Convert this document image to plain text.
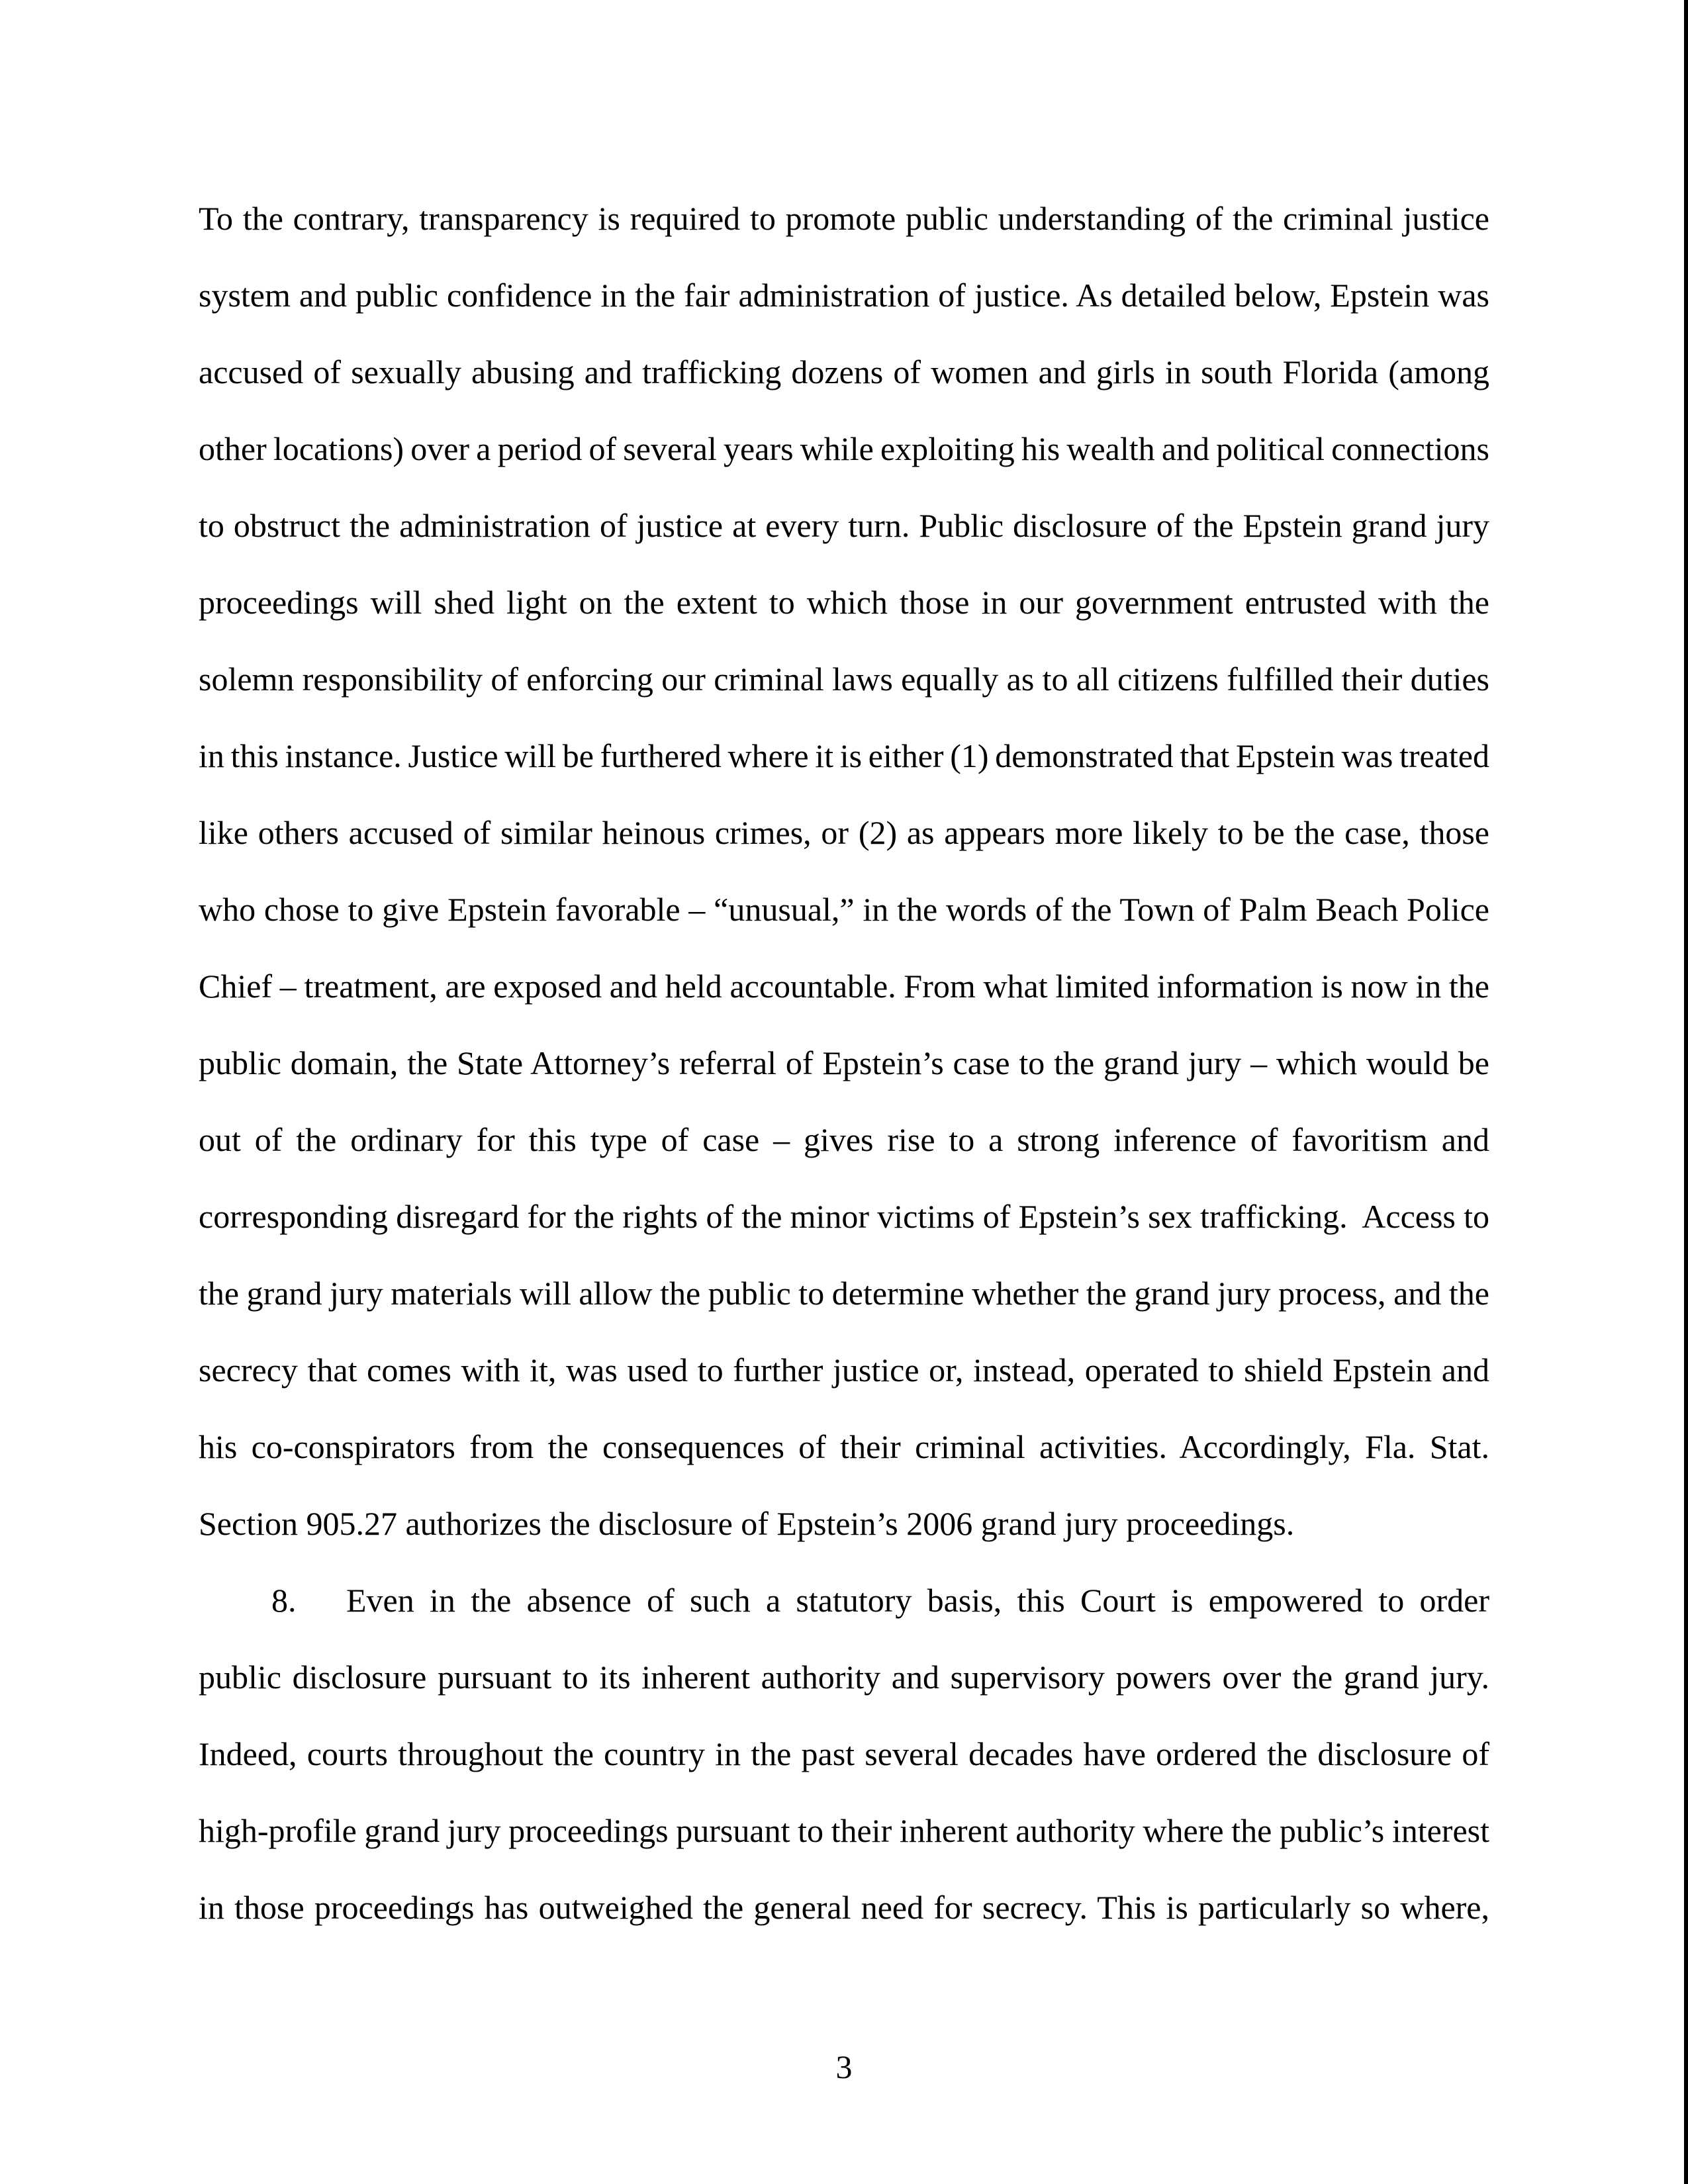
To the contrary, transparency is required to promote public understanding of the criminal justice
system and public confidence in the fair administration of justice. As detailed below, Epstein was
accused of sexually abusing and trafficking dozens of women and girls in south Florida (among
other locations) over a period of several years while exploiting his wealth and political connections
to obstruct the administration of justice at every turn. Public disclosure of the Epstein grand jury
proceedings will shed light on the extent to which those in our government entrusted with the
solemn responsibility of enforcing our criminal laws equally as to all citizens fulfilled their duties
in this instance. Justice will be furthered where it is either (1) demonstrated that Epstein was treated
like others accused of similar heinous crimes, or (2) as appears more likely to be the case, those
who chose to give Epstein favorable – “unusual,” in the words of the Town of Palm Beach Police
Chief – treatment, are exposed and held accountable. From what limited information is now in the
public domain, the State Attorney’s referral of Epstein’s case to the grand jury – which would be
out of the ordinary for this type of case – gives rise to a strong inference of favoritism and
corresponding disregard for the rights of the minor victims of Epstein’s sex trafficking.  Access to
the grand jury materials will allow the public to determine whether the grand jury process, and the
secrecy that comes with it, was used to further justice or, instead, operated to shield Epstein and
his co-conspirators from the consequences of their criminal activities. Accordingly, Fla. Stat.
Section 905.27 authorizes the disclosure of Epstein’s 2006 grand jury proceedings.
8. Even in the absence of such a statutory basis, this Court is empowered to order
public disclosure pursuant to its inherent authority and supervisory powers over the grand jury.
Indeed, courts throughout the country in the past several decades have ordered the disclosure of
high-profile grand jury proceedings pursuant to their inherent authority where the public’s interest
in those proceedings has outweighed the general need for secrecy. This is particularly so where,
3
